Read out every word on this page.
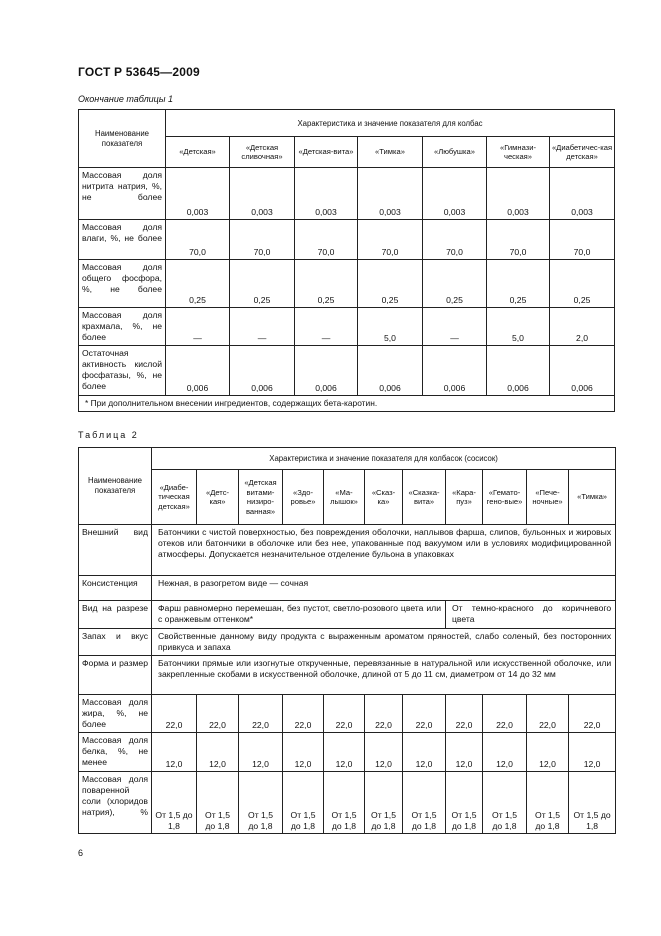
ГОСТ Р 53645—2009
Окончание таблицы 1
Наименование показателя	Характеристика и значение показателя для колбас						
	«Детская»	«Детская сливочная»	«Детская-вита»	«Тимка»	«Любушка»	«Гимнази-ческая»	«Диабетичес-кая детская»
Массовая доля нитрита натрия, %, не более	0,003	0,003	0,003	0,003	0,003	0,003	0,003
Массовая доля влаги, %, не более	70,0	70,0	70,0	70,0	70,0	70,0	70,0
Массовая доля общего фосфора, %, не более	0,25	0,25	0,25	0,25	0,25	0,25	0,25
Массовая доля крахмала, %, не более	—	—	—	5,0	—	5,0	2,0
Остаточная активность кислой фосфатазы, %, не более	0,006	0,006	0,006	0,006	0,006	0,006	0,006
* При дополнительном внесении ингредиентов, содержащих бета-каротин.							
Таблица 2
Наименование показателя	Характеристика и значение показателя для колбасок (сосисок)										
	«Диабе-тическая детская»	«Детс-кая»	«Детская витами-низиро-ванная»	«Здо-ровье»	«Ма-лышок»	«Сказ-ка»	«Сказка-вита»	«Кара-пуз»	«Гемато-гено-вые»	«Пече-ночные»	«Тимка»
Внешний вид	Батончики с чистой поверхностью, без повреждения оболочки, наплывов фарша, слипов, бульонных и жировых отеков или батончики в оболочке или без нее, упакованные под вакуумом или в условиях модифицированной атмосферы. Допускается незначительное отделение бульона в упаковках										
Консистенция	Нежная, в разогретом виде — сочная										
Вид на разрезе	Фарш равномерно перемешан, без пустот, светло-розового цвета или с оранжевым оттенком*							От темно-красного до коричневого цвета			
Запах и вкус	Свойственные данному виду продукта с выраженным ароматом пряностей, слабо соленый, без посторонних привкуса и запаха										
Форма и размер	Батончики прямые или изогнутые открученные, перевязанные в натуральной или искусственной оболочке, или закрепленные скобами в искусственной оболочке, длиной от 5 до 11 см, диаметром от 14 до 32 мм										
Массовая доля жира, %, не более	22,0	22,0	22,0	22,0	22,0	22,0	22,0	22,0	22,0	22,0	22,0
Массовая доля белка, %, не менее	12,0	12,0	12,0	12,0	12,0	12,0	12,0	12,0	12,0	12,0	12,0
Массовая доля поваренной соли (хлоридов натрия), %	От 1,5 до 1,8	От 1,5 до 1,8	От 1,5 до 1,8	От 1,5 до 1,8	От 1,5 до 1,8	От 1,5 до 1,8	От 1,5 до 1,8	От 1,5 до 1,8	От 1,5 до 1,8	От 1,5 до 1,8	От 1,5 до 1,8
6
